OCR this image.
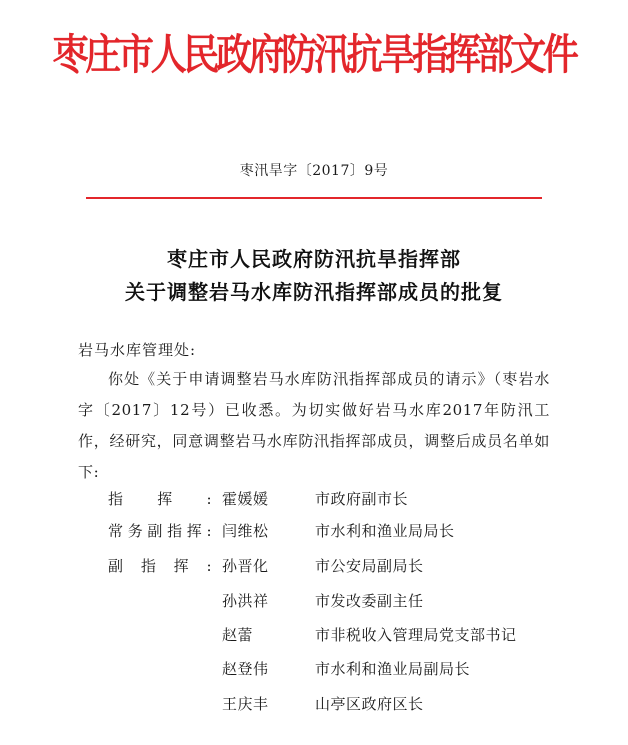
枣庄市人民政府防汛抗旱指挥部文件
枣汛旱字〔2017〕9号
枣庄市人民政府防汛抗旱指挥部
关于调整岩马水库防汛指挥部成员的批复
岩马水库管理处:
你处《关于申请调整岩马水库防汛指挥部成员的请示》（枣岩水字〔2017〕12号）已收悉。为切实做好岩马水库2017年防汛工作，经研究，同意调整岩马水库防汛指挥部成员，调整后成员名单如下:
指挥: 霍媛媛	市政府副市长
常务副指挥: 闫维松	市水利和渔业局局长
副指挥: 孙晋化	市公安局副局长
孙洪祥	市发改委副主任
赵蕾	市非税收入管理局党支部书记
赵登伟	市水利和渔业局副局长
王庆丰	山亭区政府区长
